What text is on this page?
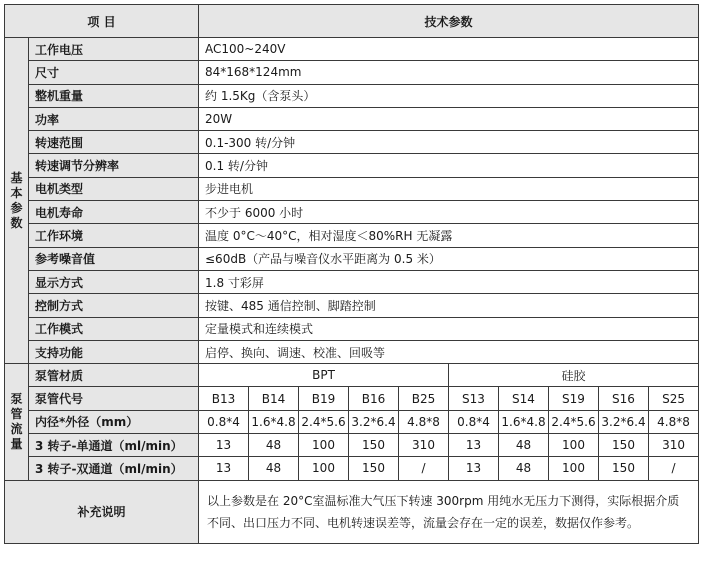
项 目		技术参数									
基本参数	工作电压	AC100~240V									
	尺寸	84*168*124mm									
	整机重量	约 1.5Kg（含泵头）									
	功率	20W									
	转速范围	0.1-300 转/分钟									
	转速调节分辨率	0.1 转/分钟									
	电机类型	步进电机									
	电机寿命	不少于 6000 小时									
	工作环境	温度 0°C～40°C，相对湿度＜80%RH 无凝露									
	参考噪音值	≤60dB（产品与噪音仪水平距离为 0.5 米）									
	显示方式	1.8 寸彩屏									
	控制方式	按键、485 通信控制、脚踏控制									
	工作模式	定量模式和连续模式									
	支持功能	启停、换向、调速、校准、回吸等									
泵管流量	泵管材质	BPT					硅胶				
	泵管代号	B13	B14	B19	B16	B25	S13	S14	S19	S16	S25
	内径*外径（mm）	0.8*4	1.6*4.8	2.4*5.6	3.2*6.4	4.8*8	0.8*4	1.6*4.8	2.4*5.6	3.2*6.4	4.8*8
	3 转子-单通道（ml/min）	13	48	100	150	310	13	48	100	150	310
	3 转子-双通道（ml/min）	13	48	100	150	/	13	48	100	150	/
补充说明		以上参数是在 20°C室温标准大气压下转速 300rpm 用纯水无压力下测得，实际根据介质不同、出口压力不同、电机转速误差等，流量会存在一定的误差，数据仅作参考。									
